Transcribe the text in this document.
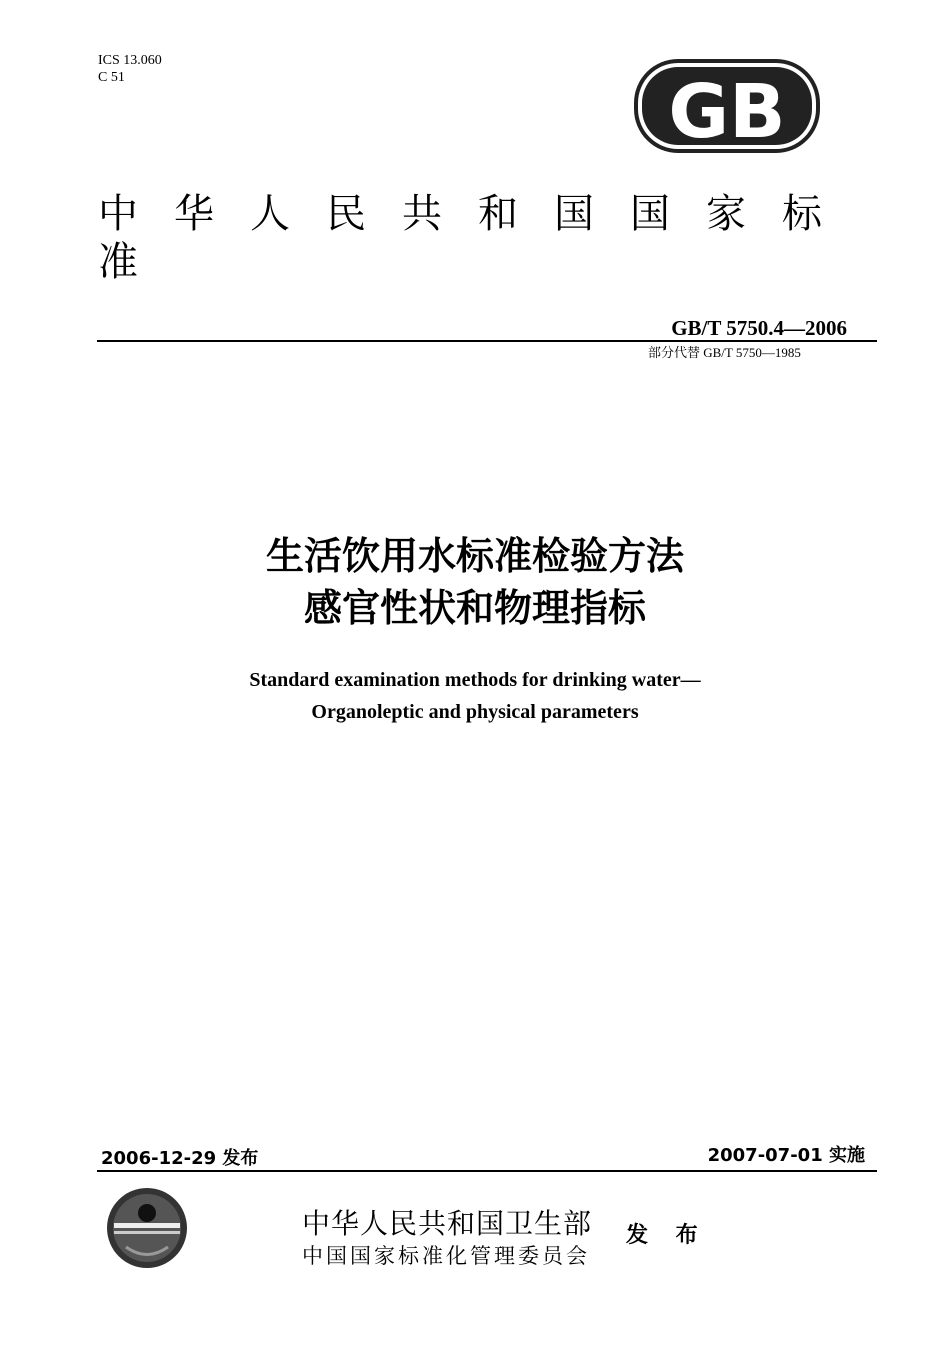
ICS 13.060
C 51	GB
中华人民共和国国家标准
GB/T 5750.4—2006
部分代替 GB/T 5750—1985
生活饮用水标准检验方法
感官性状和物理指标
Standard examination methods for drinking water—
Organoleptic and physical parameters
2006-12-29 发布	2007-07-01 实施
中华人民共和国卫生部
中国国家标准化管理委员会
发 布
